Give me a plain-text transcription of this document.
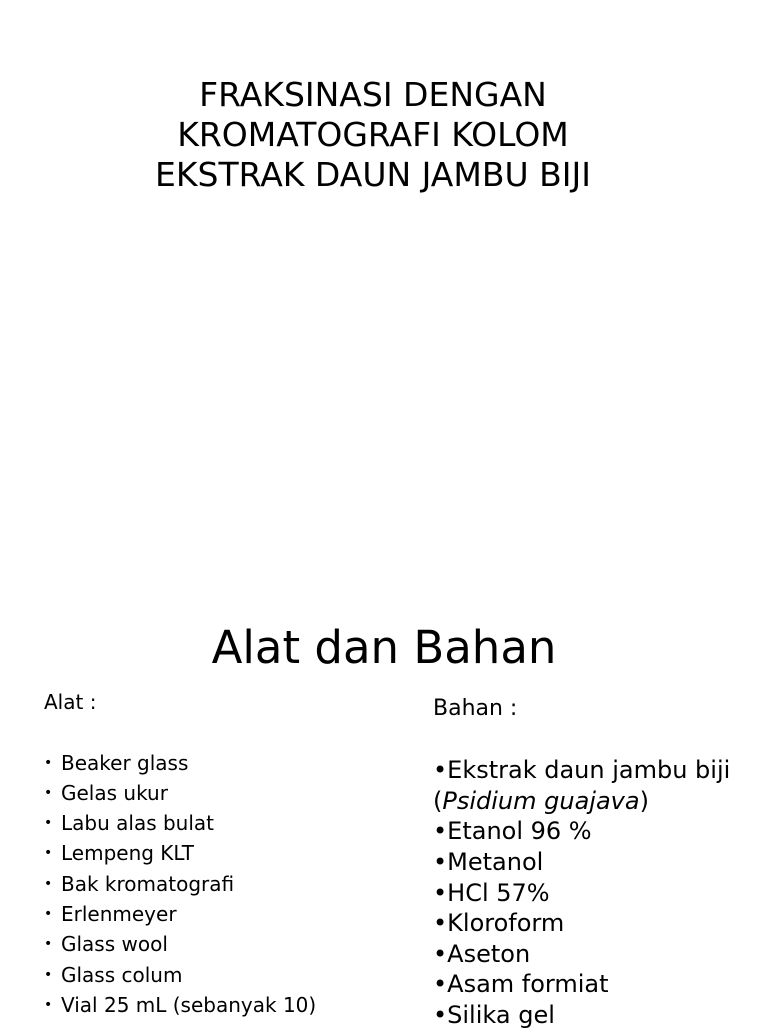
FRAKSINASI DENGAN
KROMATOGRAFI KOLOM
EKSTRAK DAUN JAMBU BIJI
Alat dan Bahan
Alat :
• Beaker glass
• Gelas ukur
• Labu alas bulat
• Lempeng KLT
• Bak kromatografi
• Erlenmeyer
• Glass wool
• Glass colum
• Vial 25 mL (sebanyak 10)
Bahan :
•Ekstrak daun jambu biji (Psidium guajava)
•Etanol 96 %
•Metanol
•HCl 57%
•Kloroform
•Aseton
•Asam formiat
•Silika gel
